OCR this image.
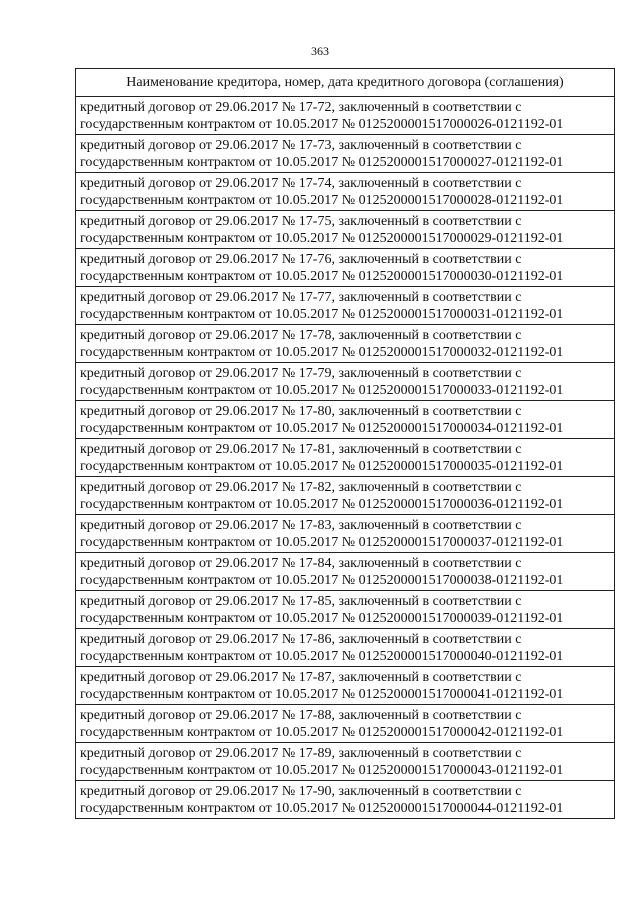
363
Наименование кредитора, номер, дата кредитного договора (соглашения)

кредитный договор от 29.06.2017 № 17-72, заключенный в соответствии с
государственным контрактом от 10.05.2017 № 0125200001517000026-0121192-01

кредитный договор от 29.06.2017 № 17-73, заключенный в соответствии с
государственным контрактом от 10.05.2017 № 0125200001517000027-0121192-01

кредитный договор от 29.06.2017 № 17-74, заключенный в соответствии с
государственным контрактом от 10.05.2017 № 0125200001517000028-0121192-01

кредитный договор от 29.06.2017 № 17-75, заключенный в соответствии с
государственным контрактом от 10.05.2017 № 0125200001517000029-0121192-01

кредитный договор от 29.06.2017 № 17-76, заключенный в соответствии с
государственным контрактом от 10.05.2017 № 0125200001517000030-0121192-01

кредитный договор от 29.06.2017 № 17-77, заключенный в соответствии с
государственным контрактом от 10.05.2017 № 0125200001517000031-0121192-01

кредитный договор от 29.06.2017 № 17-78, заключенный в соответствии с
государственным контрактом от 10.05.2017 № 0125200001517000032-0121192-01

кредитный договор от 29.06.2017 № 17-79, заключенный в соответствии с
государственным контрактом от 10.05.2017 № 0125200001517000033-0121192-01

кредитный договор от 29.06.2017 № 17-80, заключенный в соответствии с
государственным контрактом от 10.05.2017 № 0125200001517000034-0121192-01

кредитный договор от 29.06.2017 № 17-81, заключенный в соответствии с
государственным контрактом от 10.05.2017 № 0125200001517000035-0121192-01

кредитный договор от 29.06.2017 № 17-82, заключенный в соответствии с
государственным контрактом от 10.05.2017 № 0125200001517000036-0121192-01

кредитный договор от 29.06.2017 № 17-83, заключенный в соответствии с
государственным контрактом от 10.05.2017 № 0125200001517000037-0121192-01

кредитный договор от 29.06.2017 № 17-84, заключенный в соответствии с
государственным контрактом от 10.05.2017 № 0125200001517000038-0121192-01

кредитный договор от 29.06.2017 № 17-85, заключенный в соответствии с
государственным контрактом от 10.05.2017 № 0125200001517000039-0121192-01

кредитный договор от 29.06.2017 № 17-86, заключенный в соответствии с
государственным контрактом от 10.05.2017 № 0125200001517000040-0121192-01

кредитный договор от 29.06.2017 № 17-87, заключенный в соответствии с
государственным контрактом от 10.05.2017 № 0125200001517000041-0121192-01

кредитный договор от 29.06.2017 № 17-88, заключенный в соответствии с
государственным контрактом от 10.05.2017 № 0125200001517000042-0121192-01

кредитный договор от 29.06.2017 № 17-89, заключенный в соответствии с
государственным контрактом от 10.05.2017 № 0125200001517000043-0121192-01

кредитный договор от 29.06.2017 № 17-90, заключенный в соответствии с
государственным контрактом от 10.05.2017 № 0125200001517000044-0121192-01
